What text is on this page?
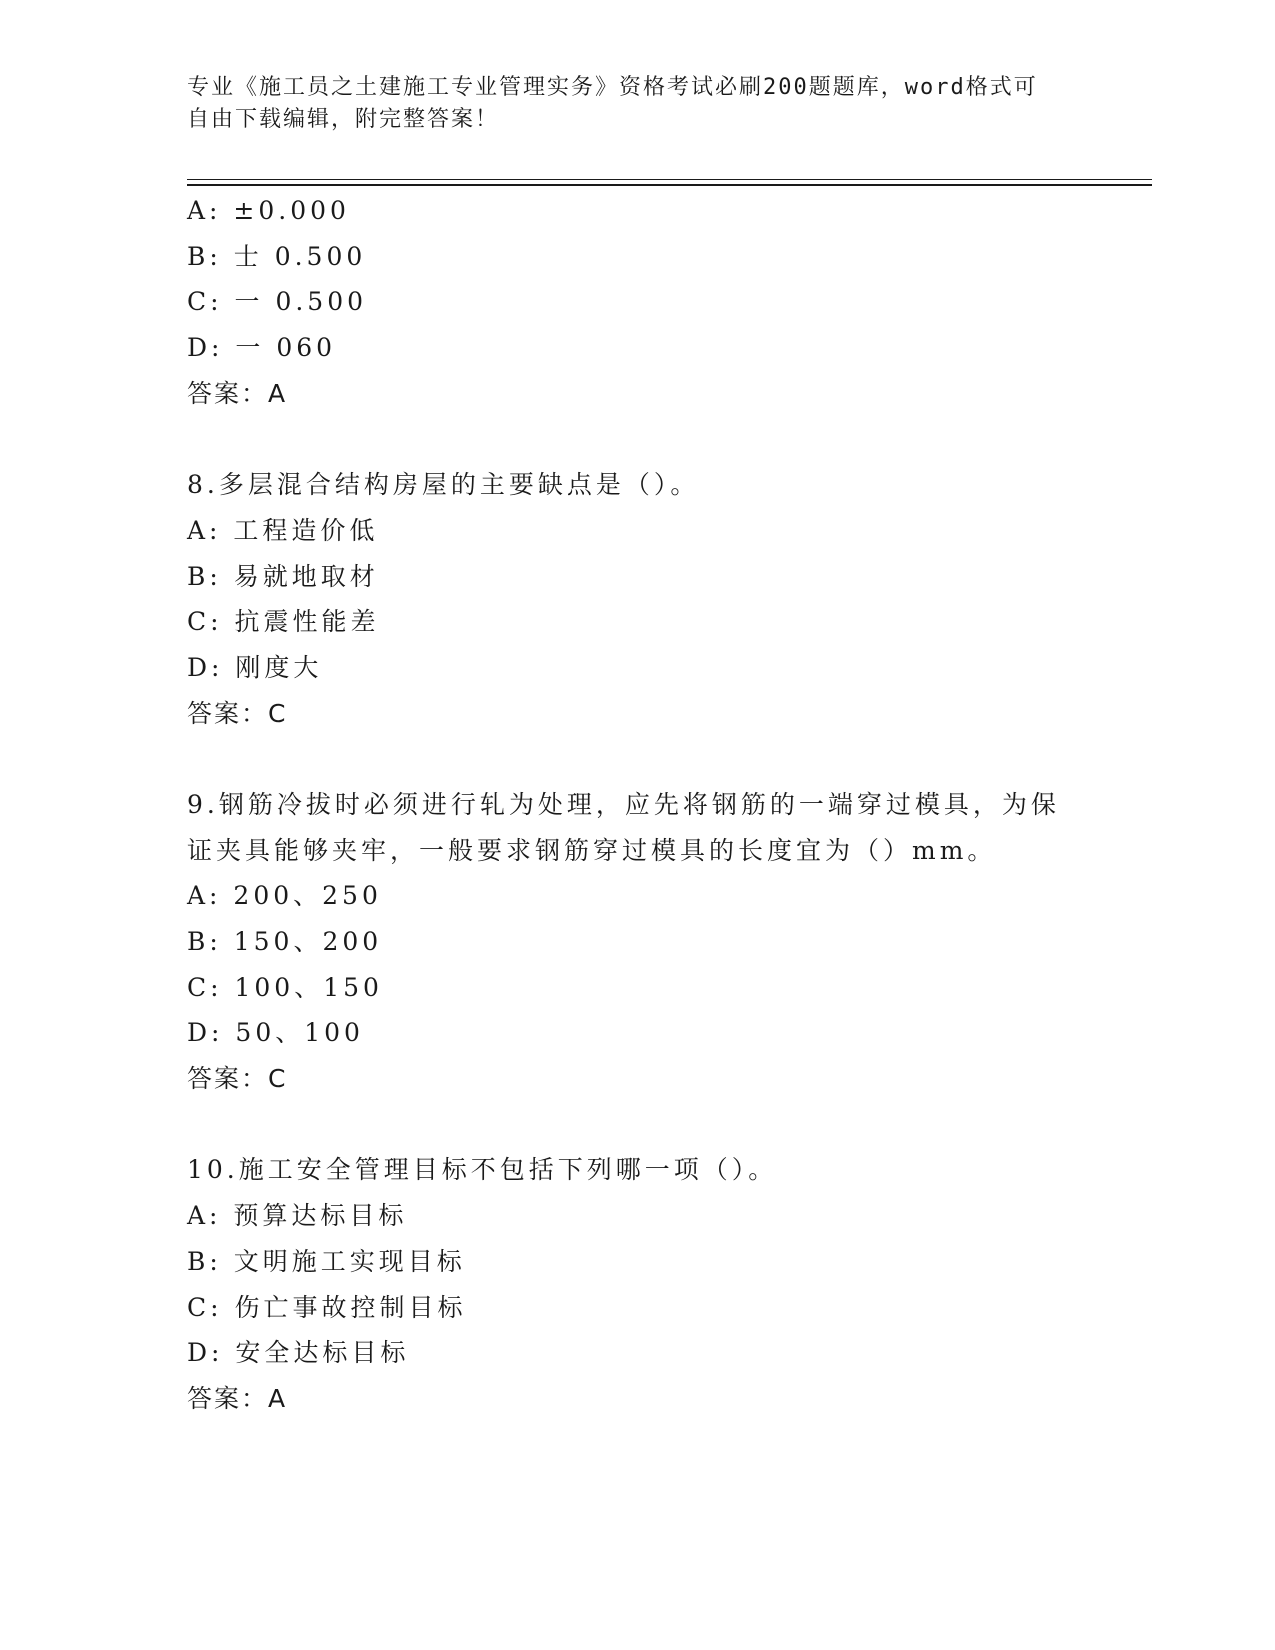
专业《施工员之土建施工专业管理实务》资格考试必刷200题题库，word格式可
自由下载编辑，附完整答案！
A: ±0.000
B: 士 0.500
C: 一 0.500
D: 一 060
答案：A
8.多层混合结构房屋的主要缺点是（）。
A: 工程造价低
B: 易就地取材
C: 抗震性能差
D: 刚度大
答案：C
9.钢筋冷拔时必须进行轧为处理，应先将钢筋的一端穿过模具，为保
证夹具能够夹牢，一般要求钢筋穿过模具的长度宜为（）mm。
A: 200、250
B: 150、200
C: 100、150
D: 50、100
答案：C
10.施工安全管理目标不包括下列哪一项（）。
A: 预算达标目标
B: 文明施工实现目标
C: 伤亡事故控制目标
D: 安全达标目标
答案：A
